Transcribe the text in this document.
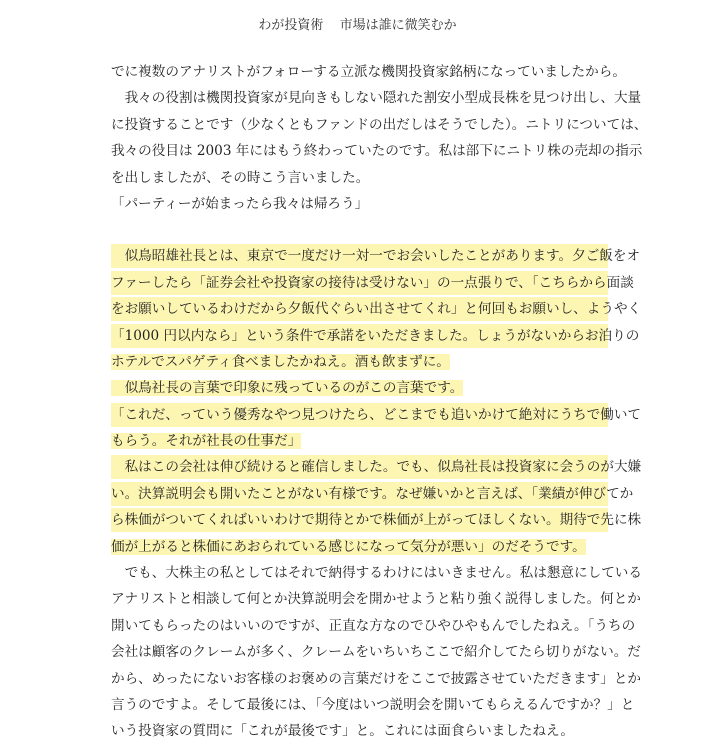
わが投資術 市場は誰に微笑むか
でに複数のアナリストがフォローする立派な機関投資家銘柄になっていましたから。
　我々の役割は機関投資家が見向きもしない隠れた割安小型成長株を見つけ出し、大量
に投資することです（少なくともファンドの出だしはそうでした）。ニトリについては、
我々の役目は 2003 年にはもう終わっていたのです。私は部下にニトリ株の売却の指示
を出しましたが、その時こう言いました。
「パーティーが始まったら我々は帰ろう」
　似鳥昭雄社長とは、東京で一度だけ一対一でお会いしたことがあります。夕ご飯をオ
ファーしたら「証券会社や投資家の接待は受けない」の一点張りで、「こちらから面談
をお願いしているわけだから夕飯代ぐらい出させてくれ」と何回もお願いし、ようやく
「1000 円以内なら」という条件で承諾をいただきました。しょうがないからお泊りの
ホテルでスパゲティ食べましたかねえ。酒も飲まずに。
　似鳥社長の言葉で印象に残っているのがこの言葉です。
「これだ、っていう優秀なやつ見つけたら、どこまでも追いかけて絶対にうちで働いて
もらう。それが社長の仕事だ」
　私はこの会社は伸び続けると確信しました。でも、似鳥社長は投資家に会うのが大嫌
い。決算説明会も開いたことがない有様です。なぜ嫌いかと言えば、「業績が伸びてか
ら株価がついてくればいいわけで期待とかで株価が上がってほしくない。期待で先に株
価が上がると株価にあおられている感じになって気分が悪い」のだそうです。
　でも、大株主の私としてはそれで納得するわけにはいきません。私は懇意にしている
アナリストと相談して何とか決算説明会を開かせようと粘り強く説得しました。何とか
開いてもらったのはいいのですが、正直な方なのでひやひやもんでしたねえ。「うちの
会社は顧客のクレームが多く、クレームをいちいちここで紹介してたら切りがない。だ
から、めったにないお客様のお褒めの言葉だけをここで披露させていただきます」とか
言うのですよ。そして最後には、「今度はいつ説明会を開いてもらえるんですか？」と
いう投資家の質問に「これが最後です」と。これには面食らいましたねえ。
